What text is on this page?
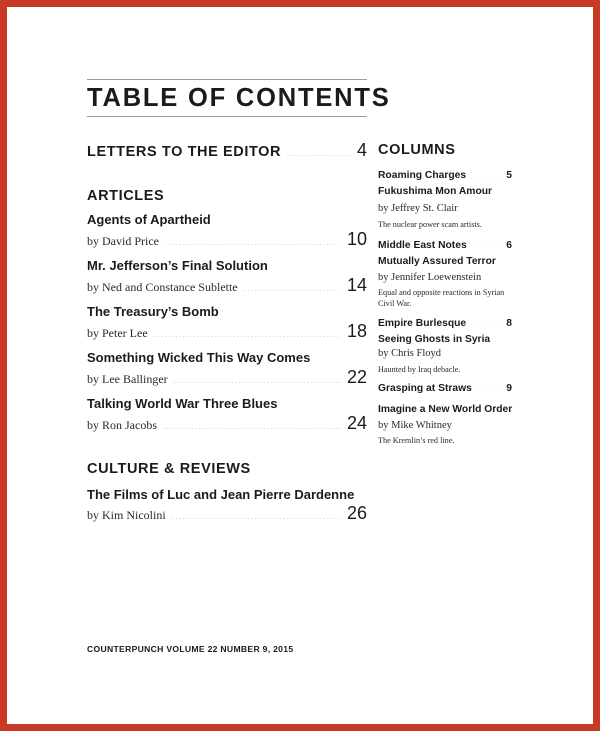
TABLE OF CONTENTS
LETTERS TO THE EDITOR	4
ARTICLES
Agents of Apartheid
by David Price	10
Mr. Jefferson’s Final Solution
by Ned and Constance Sublette	14
The Treasury’s Bomb
by Peter Lee	18
Something Wicked This Way Comes
by Lee Ballinger	22
Talking World War Three Blues
by Ron Jacobs	24
CULTURE & REVIEWS
The Films of Luc and Jean Pierre Dardenne
by Kim Nicolini	26
COLUMNS
Roaming Charges	5
Fukushima Mon Amour
by Jeffrey St. Clair
The nuclear power scam artists.
Middle East Notes	6
Mutually Assured Terror
by Jennifer Loewenstein
Equal and opposite reactions in Syrian Civil War.
Empire Burlesque	8
Seeing Ghosts in Syria
by Chris Floyd
Haunted by Iraq debacle.
Grasping at Straws	9
Imagine a New World Order
by Mike Whitney
The Kremlin’s red line.
COUNTERPUNCH VOLUME 22 NUMBER 9, 2015
